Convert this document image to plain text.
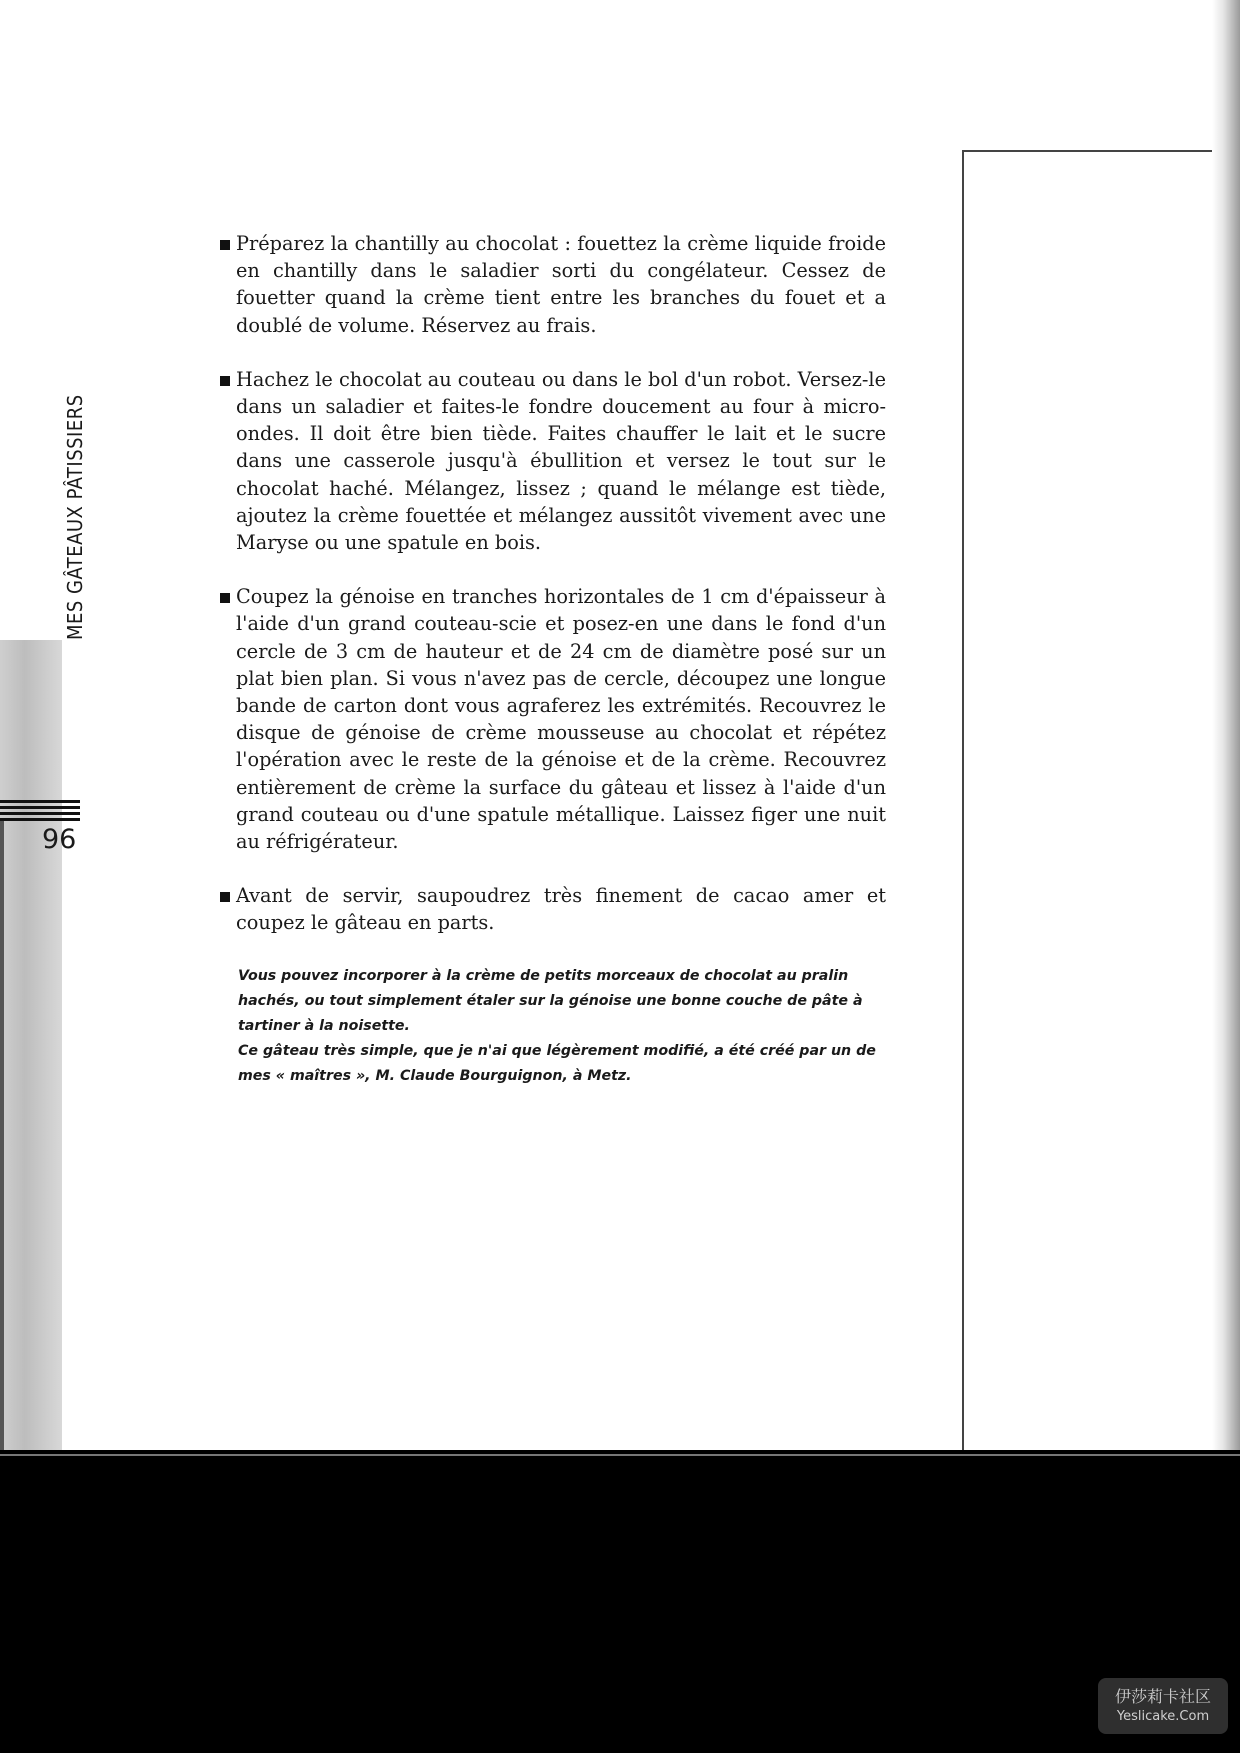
MES GÂTEAUX PÂTISSIERS
96
Préparez la chantilly au chocolat : fouettez la crème liquide froide en chantilly dans le saladier sorti du congélateur. Cessez de fouetter quand la crème tient entre les branches du fouet et a doublé de volume. Réservez au frais.
Hachez le chocolat au couteau ou dans le bol d'un robot. Versez-le dans un saladier et faites-le fondre doucement au four à micro-ondes. Il doit être bien tiède. Faites chauffer le lait et le sucre dans une casserole jusqu'à ébullition et versez le tout sur le chocolat haché. Mélangez, lissez ; quand le mélange est tiède, ajoutez la crème fouettée et mélangez aussitôt vivement avec une Maryse ou une spatule en bois.
Coupez la génoise en tranches horizontales de 1 cm d'épaisseur à l'aide d'un grand couteau-scie et posez-en une dans le fond d'un cercle de 3 cm de hauteur et de 24 cm de diamètre posé sur un plat bien plan. Si vous n'avez pas de cercle, découpez une longue bande de carton dont vous agraferez les extrémités. Recouvrez le disque de génoise de crème mousseuse au chocolat et répétez l'opération avec le reste de la génoise et de la crème. Recouvrez entièrement de crème la surface du gâteau et lissez à l'aide d'un grand couteau ou d'une spatule métallique. Laissez figer une nuit au réfrigérateur.
Avant de servir, saupoudrez très finement de cacao amer et coupez le gâteau en parts.

Vous pouvez incorporer à la crème de petits morceaux de chocolat au pralin hachés, ou tout simplement étaler sur la génoise une bonne couche de pâte à tartiner à la noisette.

Ce gâteau très simple, que je n'ai que légèrement modifié, a été créé par un de mes « maîtres », M. Claude Bourguignon, à Metz.

伊莎莉卡社区
Yeslicake.Com
